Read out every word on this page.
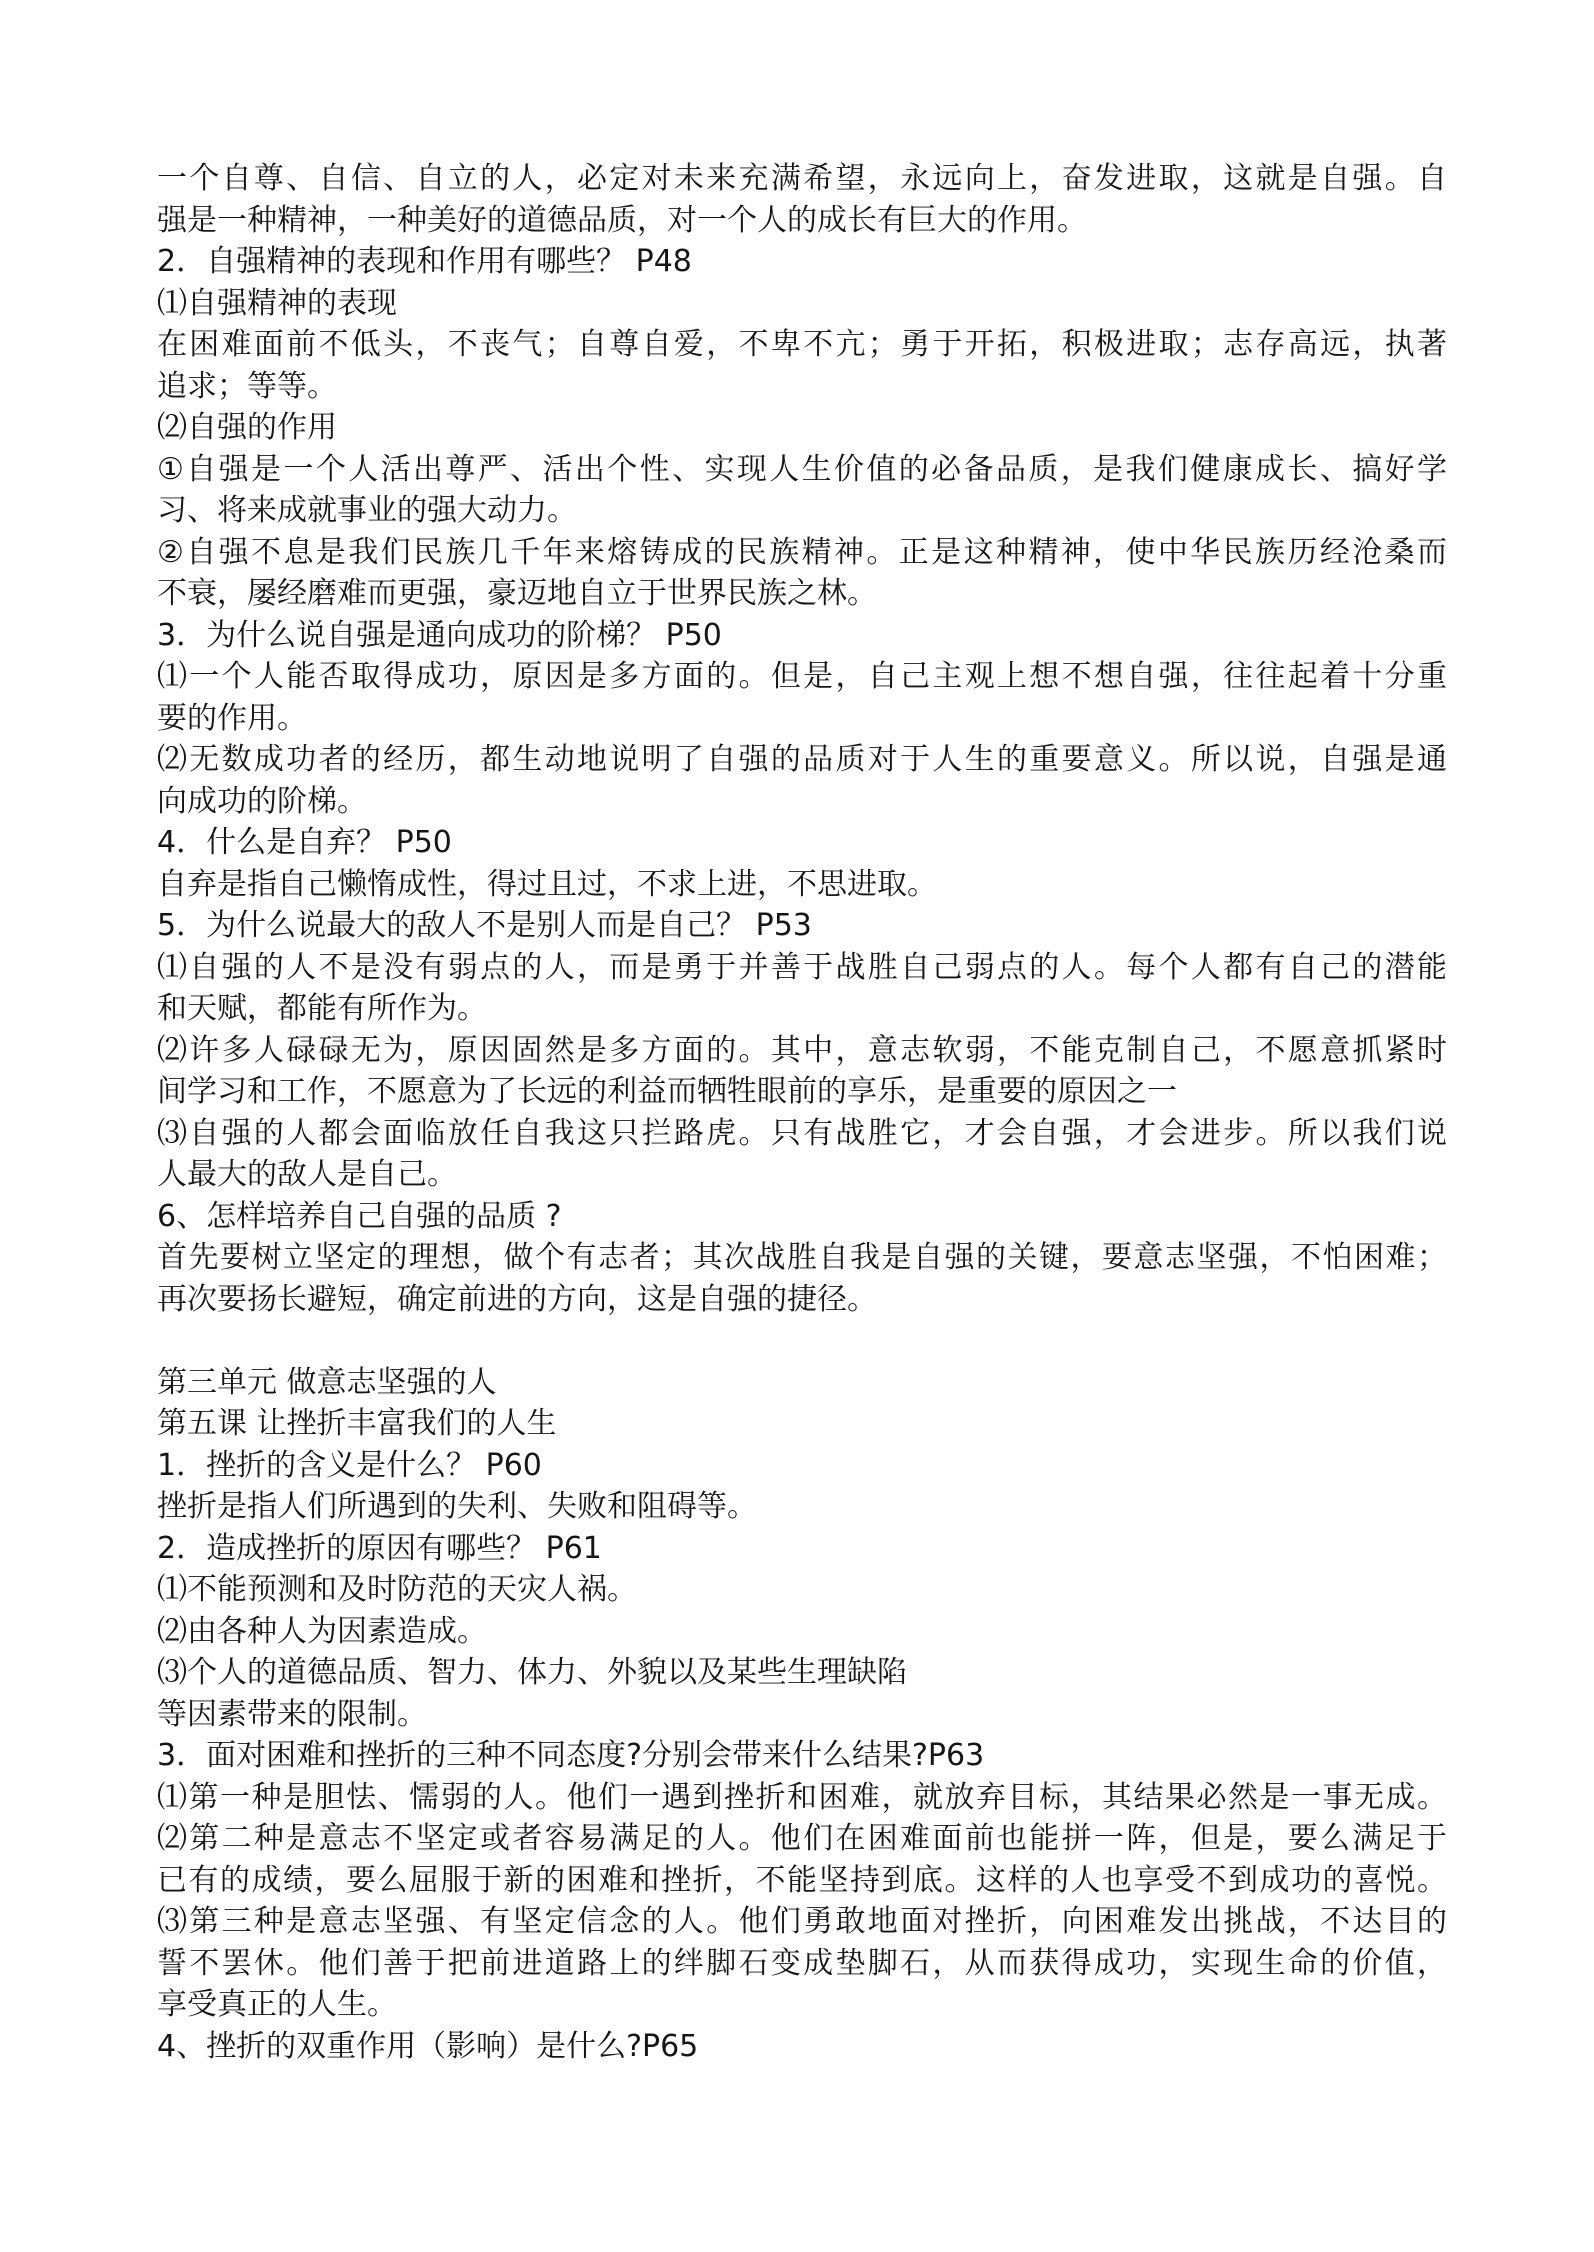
一个自尊、自信、自立的人，必定对未来充满希望，永远向上，奋发进取，这就是自强。自
强是一种精神，一种美好的道德品质，对一个人的成长有巨大的作用。
2．自强精神的表现和作用有哪些？ P48
⑴自强精神的表现
在困难面前不低头，不丧气；自尊自爱，不卑不亢；勇于开拓，积极进取；志存高远，执著
追求；等等。
⑵自强的作用
①自强是一个人活出尊严、活出个性、实现人生价值的必备品质，是我们健康成长、搞好学
习、将来成就事业的强大动力。
②自强不息是我们民族几千年来熔铸成的民族精神。正是这种精神，使中华民族历经沧桑而
不衰，屡经磨难而更强，豪迈地自立于世界民族之林。
3．为什么说自强是通向成功的阶梯？ P50
⑴一个人能否取得成功，原因是多方面的。但是，自己主观上想不想自强，往往起着十分重
要的作用。
⑵无数成功者的经历，都生动地说明了自强的品质对于人生的重要意义。所以说，自强是通
向成功的阶梯。
4．什么是自弃？ P50
自弃是指自己懒惰成性，得过且过，不求上进，不思进取。
5．为什么说最大的敌人不是别人而是自己？ P53
⑴自强的人不是没有弱点的人，而是勇于并善于战胜自己弱点的人。每个人都有自己的潜能
和天赋，都能有所作为。
⑵许多人碌碌无为，原因固然是多方面的。其中，意志软弱，不能克制自己，不愿意抓紧时
间学习和工作，不愿意为了长远的利益而牺牲眼前的享乐，是重要的原因之一
⑶自强的人都会面临放任自我这只拦路虎。只有战胜它，才会自强，才会进步。所以我们说
人最大的敌人是自己。
6、怎样培养自己自强的品质 ?
首先要树立坚定的理想，做个有志者；其次战胜自我是自强的关键，要意志坚强，不怕困难；
再次要扬长避短，确定前进的方向，这是自强的捷径。
第三单元 做意志坚强的人
第五课 让挫折丰富我们的人生
1．挫折的含义是什么？ P60
挫折是指人们所遇到的失利、失败和阻碍等。
2．造成挫折的原因有哪些？ P61
⑴不能预测和及时防范的天灾人祸。
⑵由各种人为因素造成。
⑶个人的道德品质、智力、体力、外貌以及某些生理缺陷
等因素带来的限制。
3．面对困难和挫折的三种不同态度?分别会带来什么结果?P63
⑴第一种是胆怯、懦弱的人。他们一遇到挫折和困难，就放弃目标，其结果必然是一事无成。
⑵第二种是意志不坚定或者容易满足的人。他们在困难面前也能拼一阵，但是，要么满足于
已有的成绩，要么屈服于新的困难和挫折，不能坚持到底。这样的人也享受不到成功的喜悦。
⑶第三种是意志坚强、有坚定信念的人。他们勇敢地面对挫折，向困难发出挑战，不达目的
誓不罢休。他们善于把前进道路上的绊脚石变成垫脚石，从而获得成功，实现生命的价值，
享受真正的人生。
4、挫折的双重作用（影响）是什么?P65
